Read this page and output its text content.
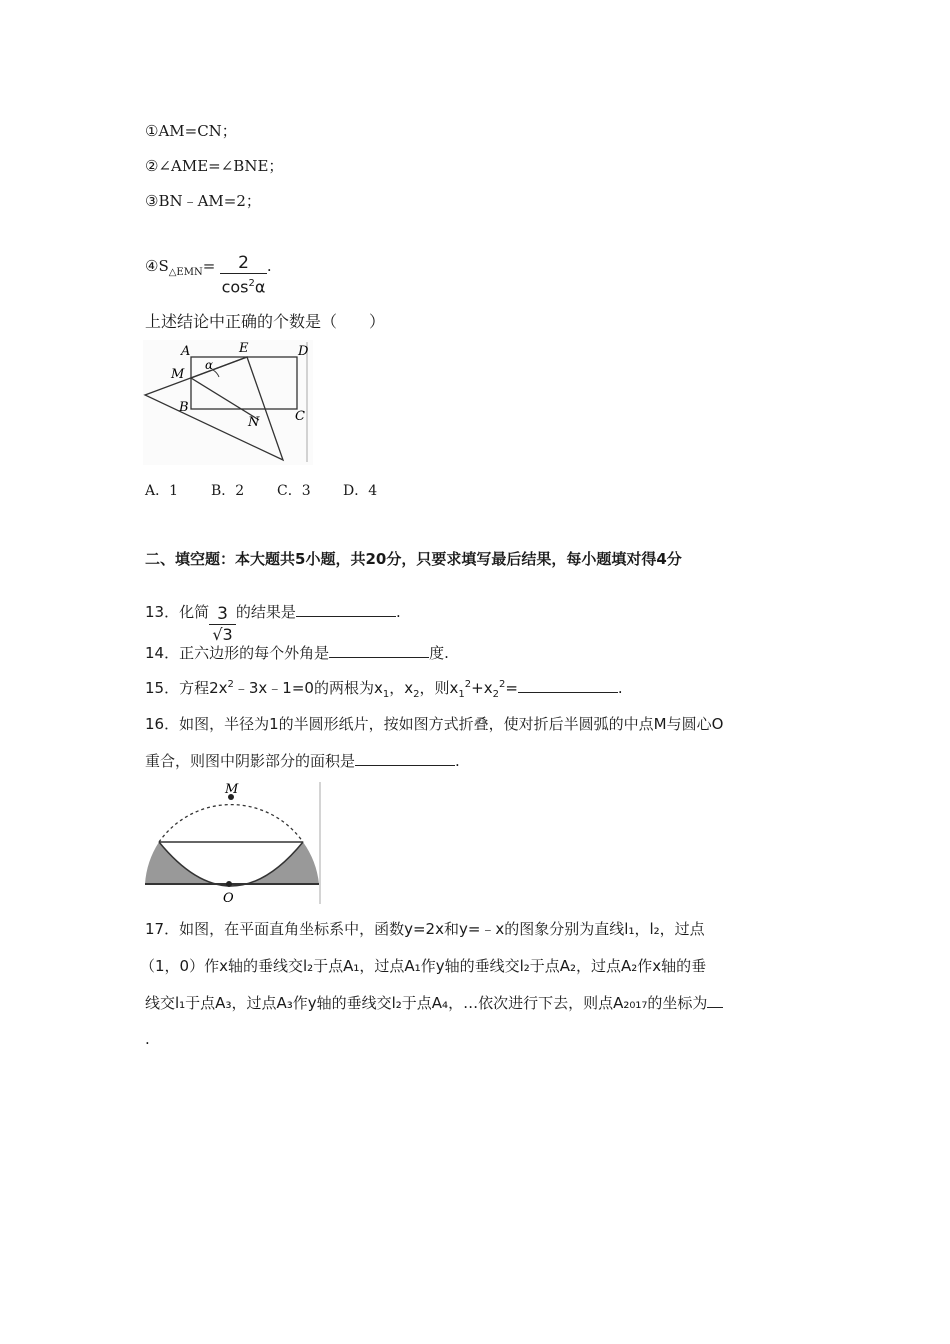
①AM=CN；
②∠AME=∠BNE；
③BN﹣AM=2；
$④S_{\triangle EMN}= \frac{2}{\cos^2\alpha}$ .
上述结论中正确的个数是（　　）
A	E	D
M
α
B
C
N
A．1 B．2 C．3 D．4
二、填空题：本大题共5小题，共20分，只要求填写最后结果，每小题填对得4分
13．化简 $\frac{3}{√3}$ 的结果是	.
14．正六边形的每个外角是	度.
15．方程$2x^2﹣3x﹣1=0$的两根为$x_1$，$x_2$，则$x_1^2+x_2^2=$	.
16．如图，半径为1的半圆形纸片，按如图方式折叠，使对折后半圆弧的中点M与圆心O
重合，则图中阴影部分的面积是	.
M
O
17．如图，在平面直角坐标系中，函数y=2x和y=﹣x的图象分别为直线l₁，l₂，过点
（1，0）作x轴的垂线交l₂于点A₁，过点A₁作y轴的垂线交l₂于点A₂，过点A₂作x轴的垂
线交l₁于点A₃，过点A₃作y轴的垂线交l₂于点A₄，…依次进行下去，则点A₂₀₁₇的坐标为
.
